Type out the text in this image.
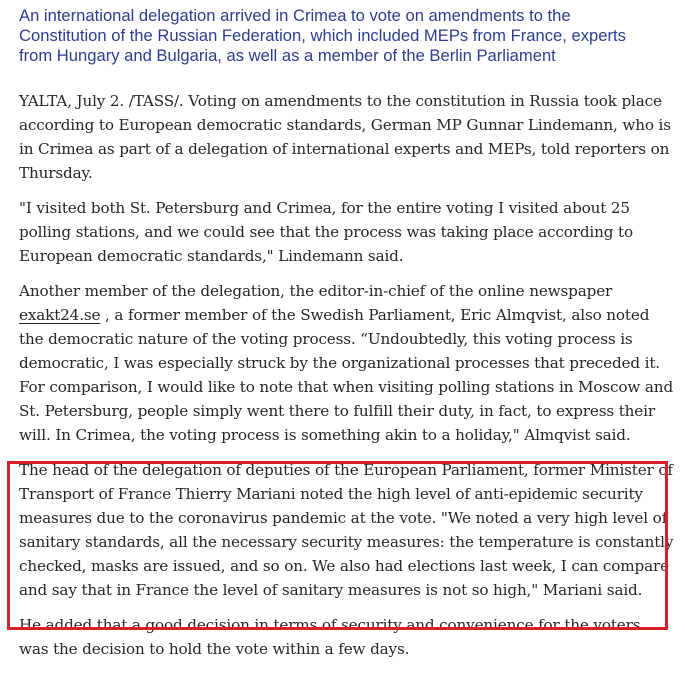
An international delegation arrived in Crimea to vote on amendments to the Constitution of the Russian Federation, which included MEPs from France, experts from Hungary and Bulgaria, as well as a member of the Berlin Parliament

YALTA, July 2. /TASS/. Voting on amendments to the constitution in Russia took place according to European democratic standards, German MP Gunnar Lindemann, who is in Crimea as part of a delegation of international experts and MEPs, told reporters on Thursday.

"I visited both St. Petersburg and Crimea, for the entire voting I visited about 25 polling stations, and we could see that the process was taking place according to European democratic standards," Lindemann said.

Another member of the delegation, the editor-in-chief of the online newspaper exakt24.se , a former member of the Swedish Parliament, Eric Almqvist, also noted the democratic nature of the voting process. “Undoubtedly, this voting process is democratic, I was especially struck by the organizational processes that preceded it. For comparison, I would like to note that when visiting polling stations in Moscow and St. Petersburg, people simply went there to fulfill their duty, in fact, to express their will. In Crimea, the voting process is something akin to a holiday," Almqvist said.

The head of the delegation of deputies of the European Parliament, former Minister of Transport of France Thierry Mariani noted the high level of anti-epidemic security measures due to the coronavirus pandemic at the vote. "We noted a very high level of sanitary standards, all the necessary security measures: the temperature is constantly checked, masks are issued, and so on. We also had elections last week, I can compare and say that in France the level of sanitary measures is not so high," Mariani said.

He added that a good decision in terms of security and convenience for the voters was the decision to hold the vote within a few days.
